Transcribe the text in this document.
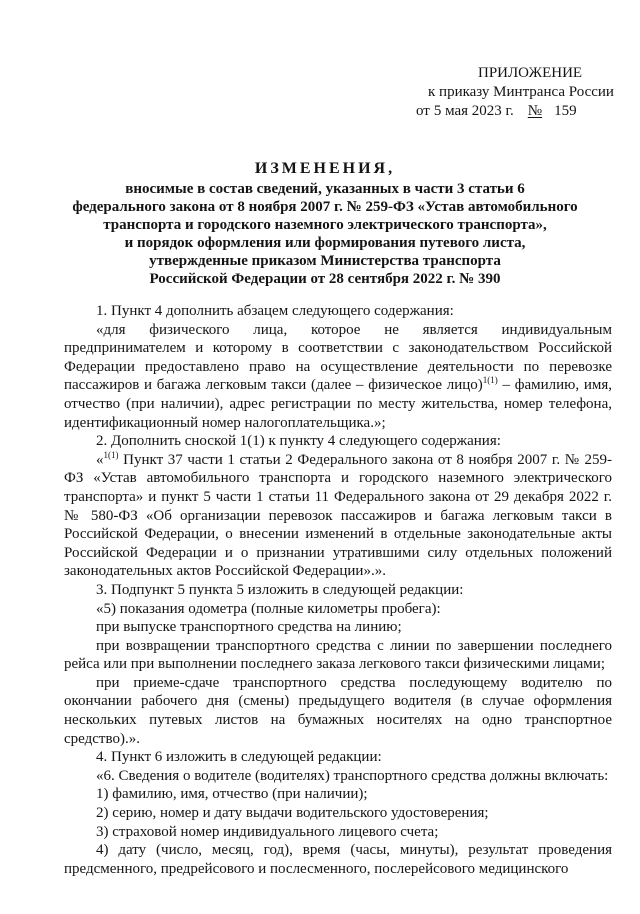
ПРИЛОЖЕНИЕ
к приказу Минтранса России
от 5 мая 2023 г. № 159
ИЗМЕНЕНИЯ,
вносимые в состав сведений, указанных в части 3 статьи 6
федерального закона от 8 ноября 2007 г. № 259-ФЗ «Устав автомобильного
транспорта и городского наземного электрического транспорта»,
и порядок оформления или формирования путевого листа,
утвержденные приказом Министерства транспорта
Российской Федерации от 28 сентября 2022 г. № 390

1. Пункт 4 дополнить абзацем следующего содержания:

«для физического лица, которое не является индивидуальным предпринимателем и которому в соответствии с законодательством Российской Федерации предоставлено право на осуществление деятельности по перевозке пассажиров и багажа легковым такси (далее – физическое лицо)$^{1(1)}$ – фамилию, имя, отчество (при наличии), адрес регистрации по месту жительства, номер телефона, идентификационный номер налогоплательщика.»;

2. Дополнить сноской 1(1) к пункту 4 следующего содержания:

«$^{1(1)}$ Пункт 37 части 1 статьи 2 Федерального закона от 8 ноября 2007 г. № 259-ФЗ «Устав автомобильного транспорта и городского наземного электрического транспорта» и пункт 5 части 1 статьи 11 Федерального закона от 29 декабря 2022 г. № 580-ФЗ «Об организации перевозок пассажиров и багажа легковым такси в Российской Федерации, о внесении изменений в отдельные законодательные акты Российской Федерации и о признании утратившими силу отдельных положений законодательных актов Российской Федерации».».

3. Подпункт 5 пункта 5 изложить в следующей редакции:

«5) показания одометра (полные километры пробега):

при выпуске транспортного средства на линию;

при возвращении транспортного средства с линии по завершении последнего рейса или при выполнении последнего заказа легкового такси физическими лицами;

при приеме-сдаче транспортного средства последующему водителю по окончании рабочего дня (смены) предыдущего водителя (в случае оформления нескольких путевых листов на бумажных носителях на одно транспортное средство).».

4. Пункт 6 изложить в следующей редакции:

«6. Сведения о водителе (водителях) транспортного средства должны включать:

1) фамилию, имя, отчество (при наличии);

2) серию, номер и дату выдачи водительского удостоверения;

3) страховой номер индивидуального лицевого счета;

4) дату (число, месяц, год), время (часы, минуты), результат проведения предсменного, предрейсового и послесменного, послерейсового медицинского
